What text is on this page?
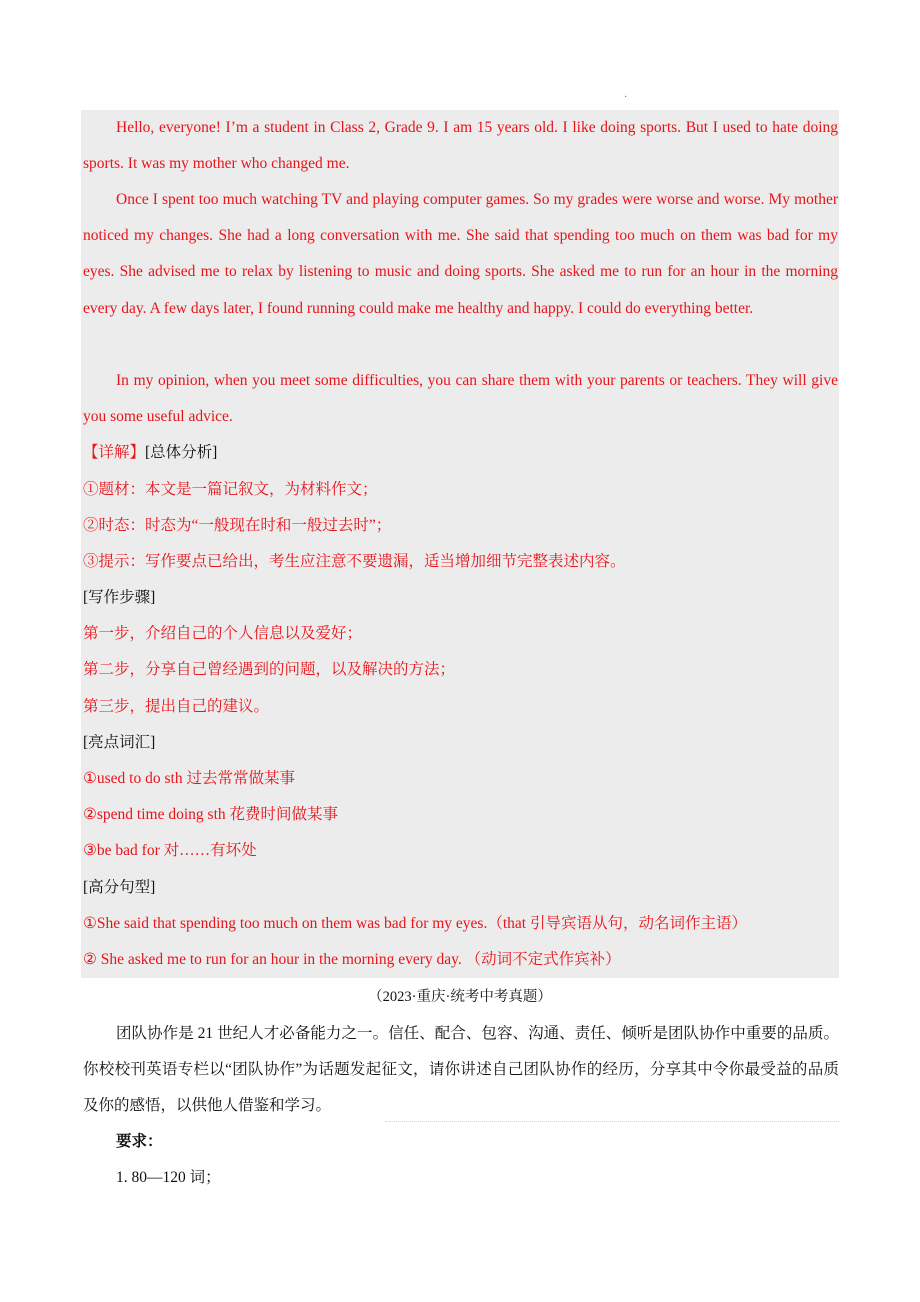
·

Hello, everyone! I’m a student in Class 2, Grade 9. I am 15 years old. I like doing sports. But I used to hate doing sports. It was my mother who changed me.

Once I spent too much watching TV and playing computer games. So my grades were worse and worse. My mother noticed my changes. She had a long conversation with me. She said that spending too much on them was bad for my eyes. She advised me to relax by listening to music and doing sports. She asked me to run for an hour in the morning every day. A few days later, I found running could make me healthy and happy. I could do everything better.

In my opinion, when you meet some difficulties, you can share them with your parents or teachers. They will give you some useful advice.

【详解】[总体分析]
①题材：本文是一篇记叙文，为材料作文；
②时态：时态为“一般现在时和一般过去时”；
③提示：写作要点已给出，考生应注意不要遗漏，适当增加细节完整表述内容。
[写作步骤]
第一步，介绍自己的个人信息以及爱好；
第二步，分享自己曾经遇到的问题，以及解决的方法；
第三步，提出自己的建议。
[亮点词汇]
①used to do sth 过去常常做某事
②spend time doing sth 花费时间做某事
③be bad for 对……有坏处
[高分句型]
①She said that spending too much on them was bad for my eyes.（that 引导宾语从句，动名词作主语）
② She asked me to run for an hour in the morning every day. （动词不定式作宾补）
（2023·重庆·统考中考真题）

团队协作是 21 世纪人才必备能力之一。信任、配合、包容、沟通、责任、倾听是团队协作中重要的品质。你校校刊英语专栏以“团队协作”为话题发起征文，请你讲述自己团队协作的经历，分享其中令你最受益的品质及你的感悟，以供他人借鉴和学习。

要求：
1. 80—120 词；
